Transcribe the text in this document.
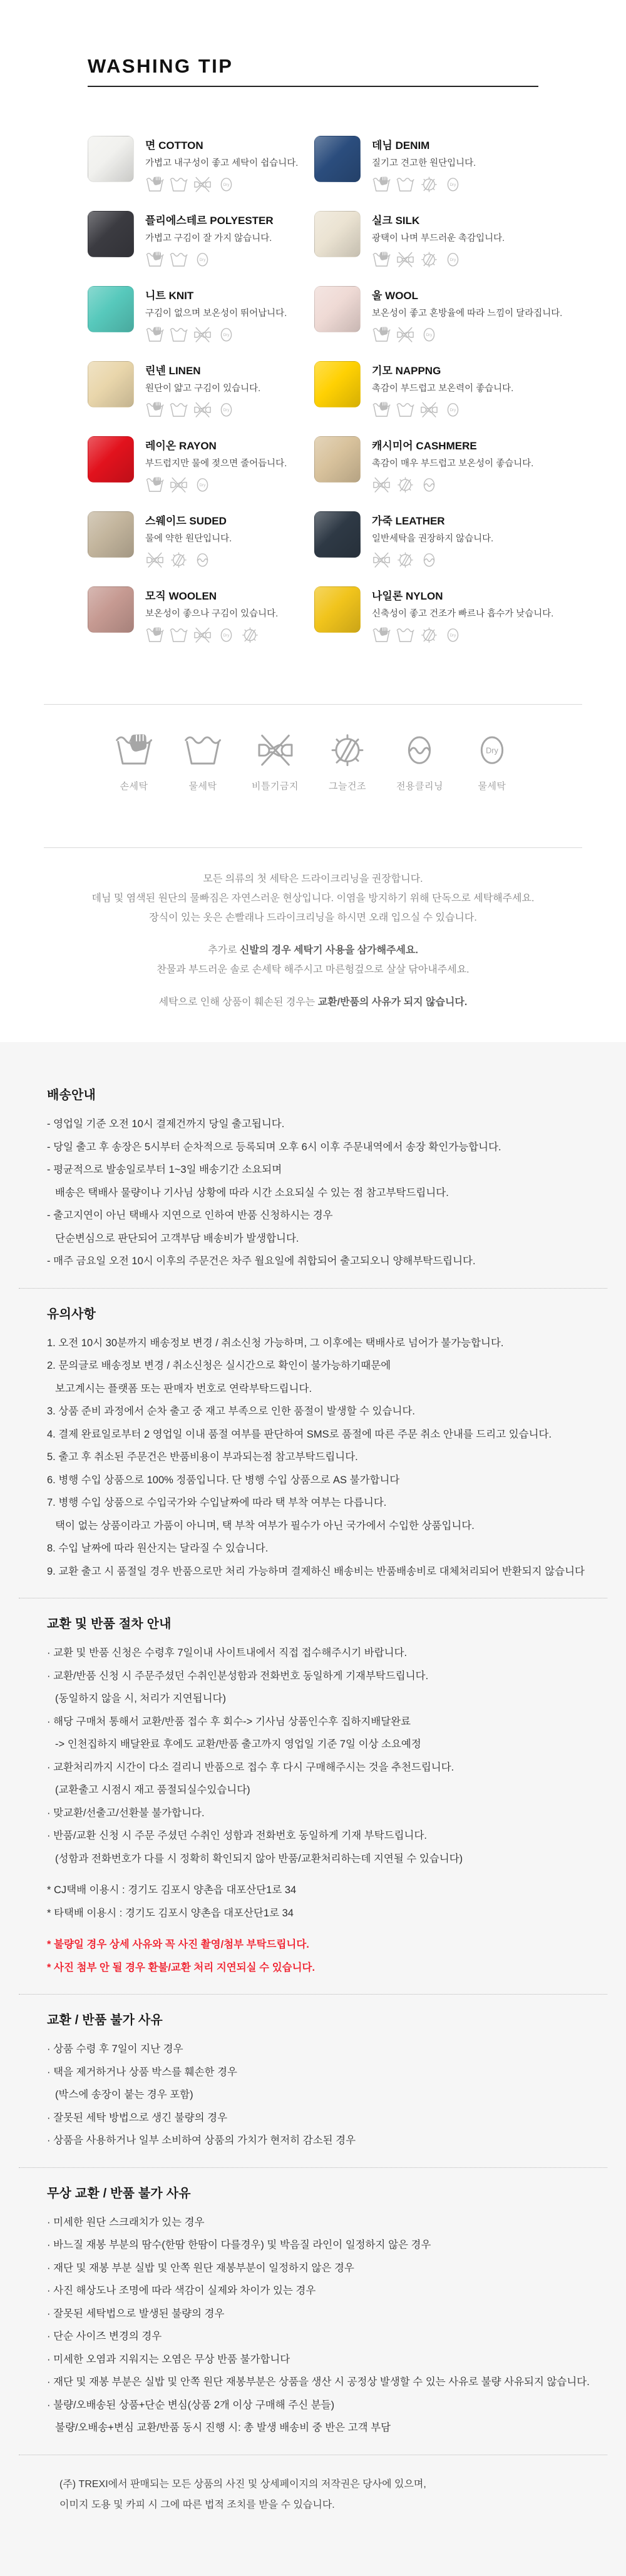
WASHING TIP
면 COTTON
가볍고 내구성이 좋고 세탁이 쉽습니다.
데님 DENIM
질기고 견고한 원단입니다.
플리에스테르 POLYESTER
가볍고 구김이 잘 가지 않습니다.
실크 SILK
광택이 나며 부드러운 촉감입니다.
니트 KNIT
구김이 없으며 보온성이 뛰어납니다.
울 WOOL
보온성이 좋고 혼방율에 따라 느낌이 달라집니다.
린넨 LINEN
원단이 얇고 구김이 있습니다.
기모 NAPPNG
촉감이 부드럽고 보온력이 좋습니다.
레이온 RAYON
부드럽지만 물에 젖으면 줄어듭니다.
캐시미어 CASHMERE
촉감이 매우 부드럽고 보온성이 좋습니다.
스웨이드 SUDED
물에 약한 원단입니다.
가죽 LEATHER
일반세탁을 권장하지 않습니다.
모직 WOOLEN
보온성이 좋으나 구김이 있습니다.
나일론 NYLON
신축성이 좋고 건조가 빠르나 흡수가 낮습니다.
손세탁	물세탁	비틀기금지	그늘건조	전용클리닝	물세탁

모든 의류의 첫 세탁은 드라이크리닝을 권장합니다.

데님 및 염색된 원단의 물빠짐은 자연스러운 현상입니다. 이염을 방지하기 위해 단독으로 세탁해주세요.

장식이 있는 옷은 손빨래나 드라이크리닝을 하시면 오래 입으실 수 있습니다.

추가로 신발의 경우 세탁기 사용을 삼가해주세요.

찬물과 부드러운 솔로 손세탁 해주시고 마른헝겊으로 살살 닦아내주세요.

세탁으로 인해 상품이 훼손된 경우는 교환/반품의 사유가 되지 않습니다.

배송안내

- 영업일 기준 오전 10시 결제건까지 당일 출고됩니다.

- 당일 출고 후 송장은 5시부터 순차적으로 등록되며 오후 6시 이후 주문내역에서 송장 확인가능합니다.

- 평균적으로 발송일로부터 1~3일 배송기간 소요되며

배송은 택배사 물량이나 기사님 상황에 따라 시간 소요되실 수 있는 점 참고부탁드립니다.

- 출고지연이 아닌 택배사 지연으로 인하여 반품 신청하시는 경우

단순변심으로 판단되어 고객부담 배송비가 발생합니다.

- 매주 금요일 오전 10시 이후의 주문건은 차주 월요일에 취합되어 출고되오니 양해부탁드립니다.

유의사항

1. 오전 10시 30분까지 배송정보 변경 / 취소신청 가능하며, 그 이후에는 택배사로 넘어가 불가능합니다.

2. 문의글로 배송정보 변경 / 취소신청은 실시간으로 확인이 불가능하기때문에

보고계시는 플랫폼 또는 판매자 번호로 연락부탁드립니다.

3. 상품 준비 과정에서 순차 출고 중 재고 부족으로 인한 품절이 발생할 수 있습니다.

4. 결제 완료일로부터 2 영업일 이내 품절 여부를 판단하여 SMS로 품절에 따른 주문 취소 안내를 드리고 있습니다.

5. 출고 후 취소된 주문건은 반품비용이 부과되는점 참고부탁드립니다.

6. 병행 수입 상품으로 100% 정품입니다. 단 병행 수입 상품으로 AS 불가합니다

7. 병행 수입 상품으로 수입국가와 수입날짜에 따라 택 부착 여부는 다릅니다.

택이 없는 상품이라고 가품이 아니며, 택 부착 여부가 필수가 아닌 국가에서 수입한 상품입니다.

8. 수입 날짜에 따라 원산지는 달라질 수 있습니다.

9. 교환 출고 시 품절일 경우 반품으로만 처리 가능하며 결제하신 배송비는 반품배송비로 대체처리되어 반환되지 않습니다

교환 및 반품 절차 안내

· 교환 및 반품 신청은 수령후 7일이내 사이트내에서 직접 접수해주시기 바랍니다.

· 교환/반품 신청 시 주문주셨던 수취인분성함과 전화번호 동일하게 기재부탁드립니다.

(동일하지 않을 시, 처리가 지연됩니다)

· 해당 구매처 통해서 교환/반품 접수 후 회수-> 기사님 상품인수후 집하지배달완료

-> 인천집하지 배달완료 후에도 교환/반품 출고까지 영업일 기준 7일 이상 소요예정

· 교환처리까지 시간이 다소 걸리니 반품으로 접수 후 다시 구매해주시는 것을 추천드립니다.

(교환출고 시점시 재고 품절되실수있습니다)

· 맞교환/선출고/선환불 불가합니다.

· 반품/교환 신청 시 주문 주셨던 수취인 성함과 전화번호 동일하게 기재 부탁드립니다.

(성함과 전화번호가 다를 시 정확히 확인되지 않아 반품/교환처리하는데 지연될 수 있습니다)

* CJ택배 이용시 : 경기도 김포시 양촌읍 대포산단1로 34

* 타택배 이용시 : 경기도 김포시 양촌읍 대포산단1로 34

* 불량일 경우 상세 사유와 꼭 사진 촬영/첨부 부탁드립니다.

* 사진 첨부 안 될 경우 환불/교환 처리 지연되실 수 있습니다.

교환 / 반품 불가 사유

· 상품 수령 후 7일이 지난 경우

· 택을 제거하거나 상품 박스를 훼손한 경우

(박스에 송장이 붙는 경우 포함)

· 잘못된 세탁 방법으로 생긴 불량의 경우

· 상품을 사용하거나 일부 소비하여 상품의 가치가 현저히 감소된 경우

무상 교환 / 반품 불가 사유

· 미세한 원단 스크래치가 있는 경우

· 바느질 재봉 부분의 땀수(한땀 한땀이 다를경우) 및 박음질 라인이 일정하지 않은 경우

· 재단 및 재봉 부분 실밥 및 안쪽 원단 재봉부분이 일정하지 않은 경우

· 사진 해상도나 조명에 따라 색감이 실제와 차이가 있는 경우

· 잘못된 세탁법으로 발생된 불량의 경우

· 단순 사이즈 변경의 경우

· 미세한 오염과 지워지는 오염은 무상 반품 불가합니다

· 재단 및 재봉 부분은 실밥 및 안쪽 원단 재봉부분은 상품을 생산 시 공정상 발생할 수 있는 사유로 불량 사유되지 않습니다.

· 불량/오배송된 상품+단순 변심(상품 2개 이상 구매해 주신 분들)

불량/오배송+변심 교환/반품 동시 진행 시: 총 발생 배송비 중 반은 고객 부담

(주) TREXI에서 판매되는 모든 상품의 사진 및 상세페이지의 저작권은 당사에 있으며,

이미지 도용 및 카피 시 그에 따른 법적 조치를 받을 수 있습니다.
